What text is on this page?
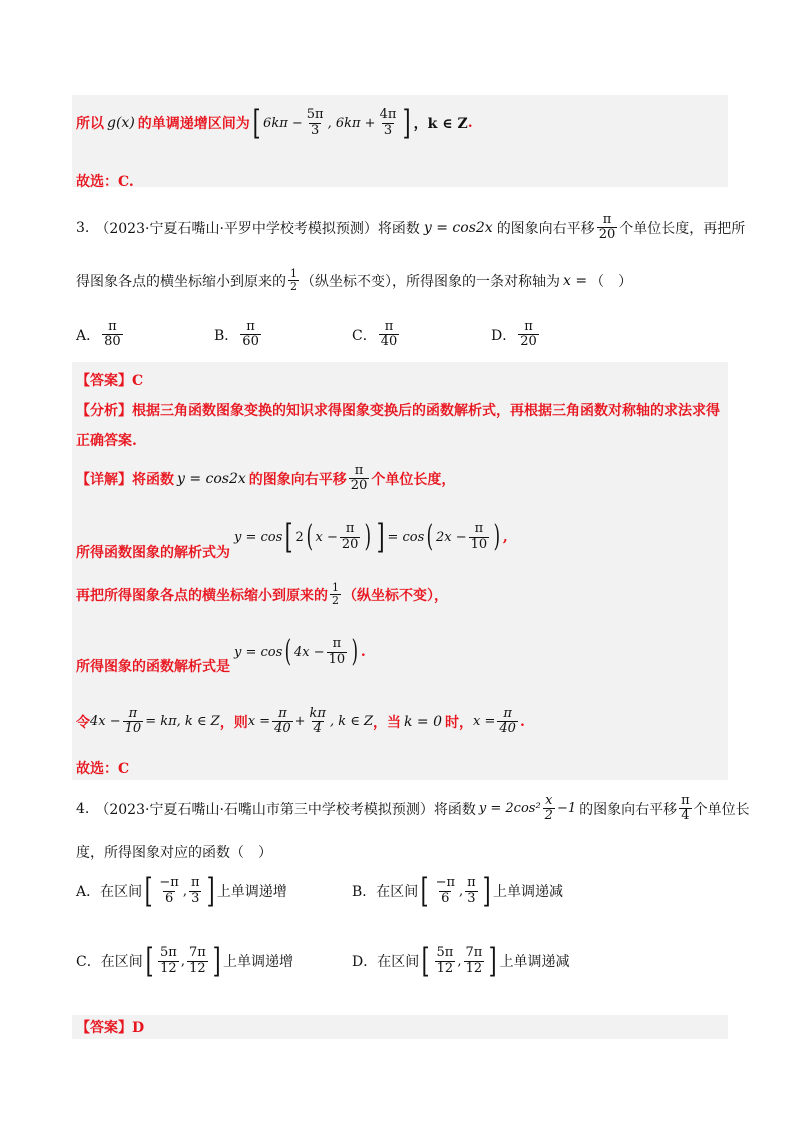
所以 g(x) 的单调递增区间为 [ $6k\pi - \frac{5\pi}{3}$ , $6k\pi + \frac{4\pi}{3}$ ] ，k ∈ Z .
故选：C.
3. （2023·宁夏石嘴山·平罗中学校考模拟预测）将函数 y = cos2x 的图象向右平移 $\frac{\pi}{20}$ 个单位长度，再把所
得图象各点的横坐标缩小到原来的 $\frac{1}{2}$ （纵坐标不变），所得图象的一条对称轴为 x = （　）
A． $\frac{\pi}{80}$	B． $\frac{\pi}{60}$	C． $\frac{\pi}{40}$	D． $\frac{\pi}{20}$
【答案】C
【分析】根据三角函数图象变换的知识求得图象变换后的函数解析式，再根据三角函数对称轴的求法求得
正确答案.
【详解】将函数 y = cos2x 的图象向右平移 $\frac{\pi}{20}$ 个单位长度，
所得函数图象的解析式为
y = cos [ 2 ( $x - \frac{\pi}{20}$ ) ] = cos ( $2x - \frac{\pi}{10}$ ) ,
再把所得图象各点的横坐标缩小到原来的 $\frac{1}{2}$ （纵坐标不变），
所得图象的函数解析式是
y = cos ( $4x - \frac{\pi}{10}$ ) .
令 $4x - \frac{\pi}{10} = k\pi$, k ∈ Z ，则 $x = \frac{\pi}{40} + \frac{k\pi}{4}$ , k ∈ Z ，当 k = 0 时， $x = \frac{\pi}{40}$ .
故选：C
4. （2023·宁夏石嘴山·石嘴山市第三中学校考模拟预测）将函数 $y = 2\cos^2 \frac{x}{2} -1$ 的图象向右平移 $\frac{\pi}{4}$ 个单位长
度，所得图象对应的函数（　）
A．在区间 [ $\frac{-\pi}{6}$ , $\frac{\pi}{3}$ ] 上单调递增	B．在区间 [ $\frac{-\pi}{6}$ , $\frac{\pi}{3}$ ] 上单调递减
C．在区间 [ $\frac{5\pi}{12}$ , $\frac{7\pi}{12}$ ] 上单调递增	D．在区间 [ $\frac{5\pi}{12}$ , $\frac{7\pi}{12}$ ] 上单调递减
【答案】D
